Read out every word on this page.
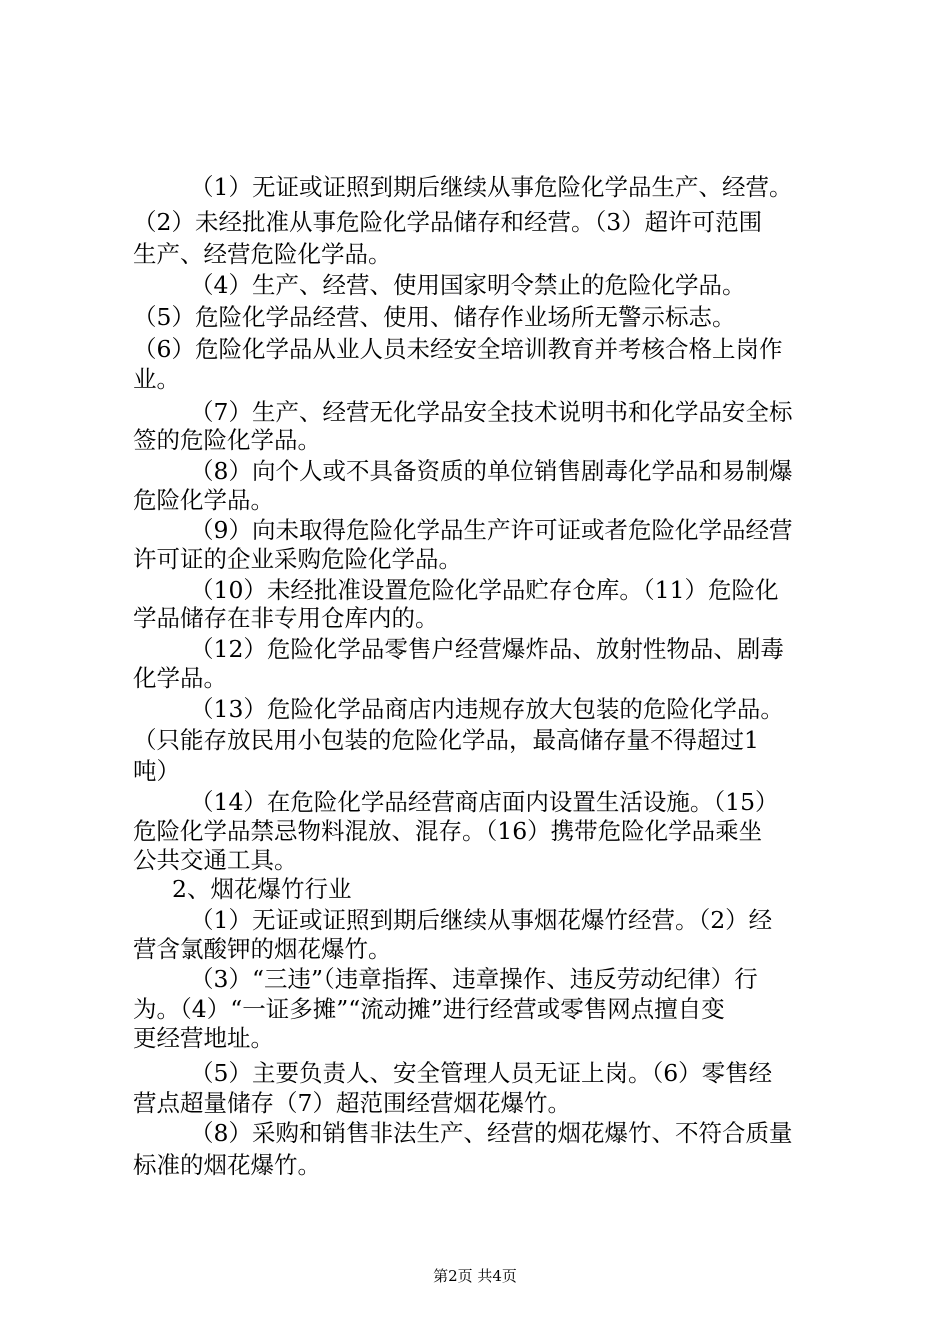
（1）无证或证照到期后继续从事危险化学品生产、经营。
（2）未经批准从事危险化学品储存和经营。（3）超许可范围
生产、经营危险化学品。
（4）生产、经营、使用国家明令禁止的危险化学品。
（5）危险化学品经营、使用、储存作业场所无警示标志。
（6）危险化学品从业人员未经安全培训教育并考核合格上岗作
业。
（7）生产、经营无化学品安全技术说明书和化学品安全标
签的危险化学品。
（8）向个人或不具备资质的单位销售剧毒化学品和易制爆
危险化学品。
（9）向未取得危险化学品生产许可证或者危险化学品经营
许可证的企业采购危险化学品。
（10）未经批准设置危险化学品贮存仓库。（11）危险化
学品储存在非专用仓库内的。
（12）危险化学品零售户经营爆炸品、放射性物品、剧毒
化学品。
（13）危险化学品商店内违规存放大包装的危险化学品。
（只能存放民用小包装的危险化学品，最高储存量不得超过1
吨）
（14）在危险化学品经营商店面内设置生活设施。（15）
危险化学品禁忌物料混放、混存。（16）携带危险化学品乘坐
公共交通工具。
2、烟花爆竹行业
（1）无证或证照到期后继续从事烟花爆竹经营。（2）经
营含氯酸钾的烟花爆竹。
（3）“三违”（违章指挥、违章操作、违反劳动纪律）行
为。（4）“一证多摊”“流动摊”进行经营或零售网点擅自变
更经营地址。
（5）主要负责人、安全管理人员无证上岗。（6）零售经
营点超量储存（7）超范围经营烟花爆竹。
（8）采购和销售非法生产、经营的烟花爆竹、不符合质量
标准的烟花爆竹。
第2页 共4页
